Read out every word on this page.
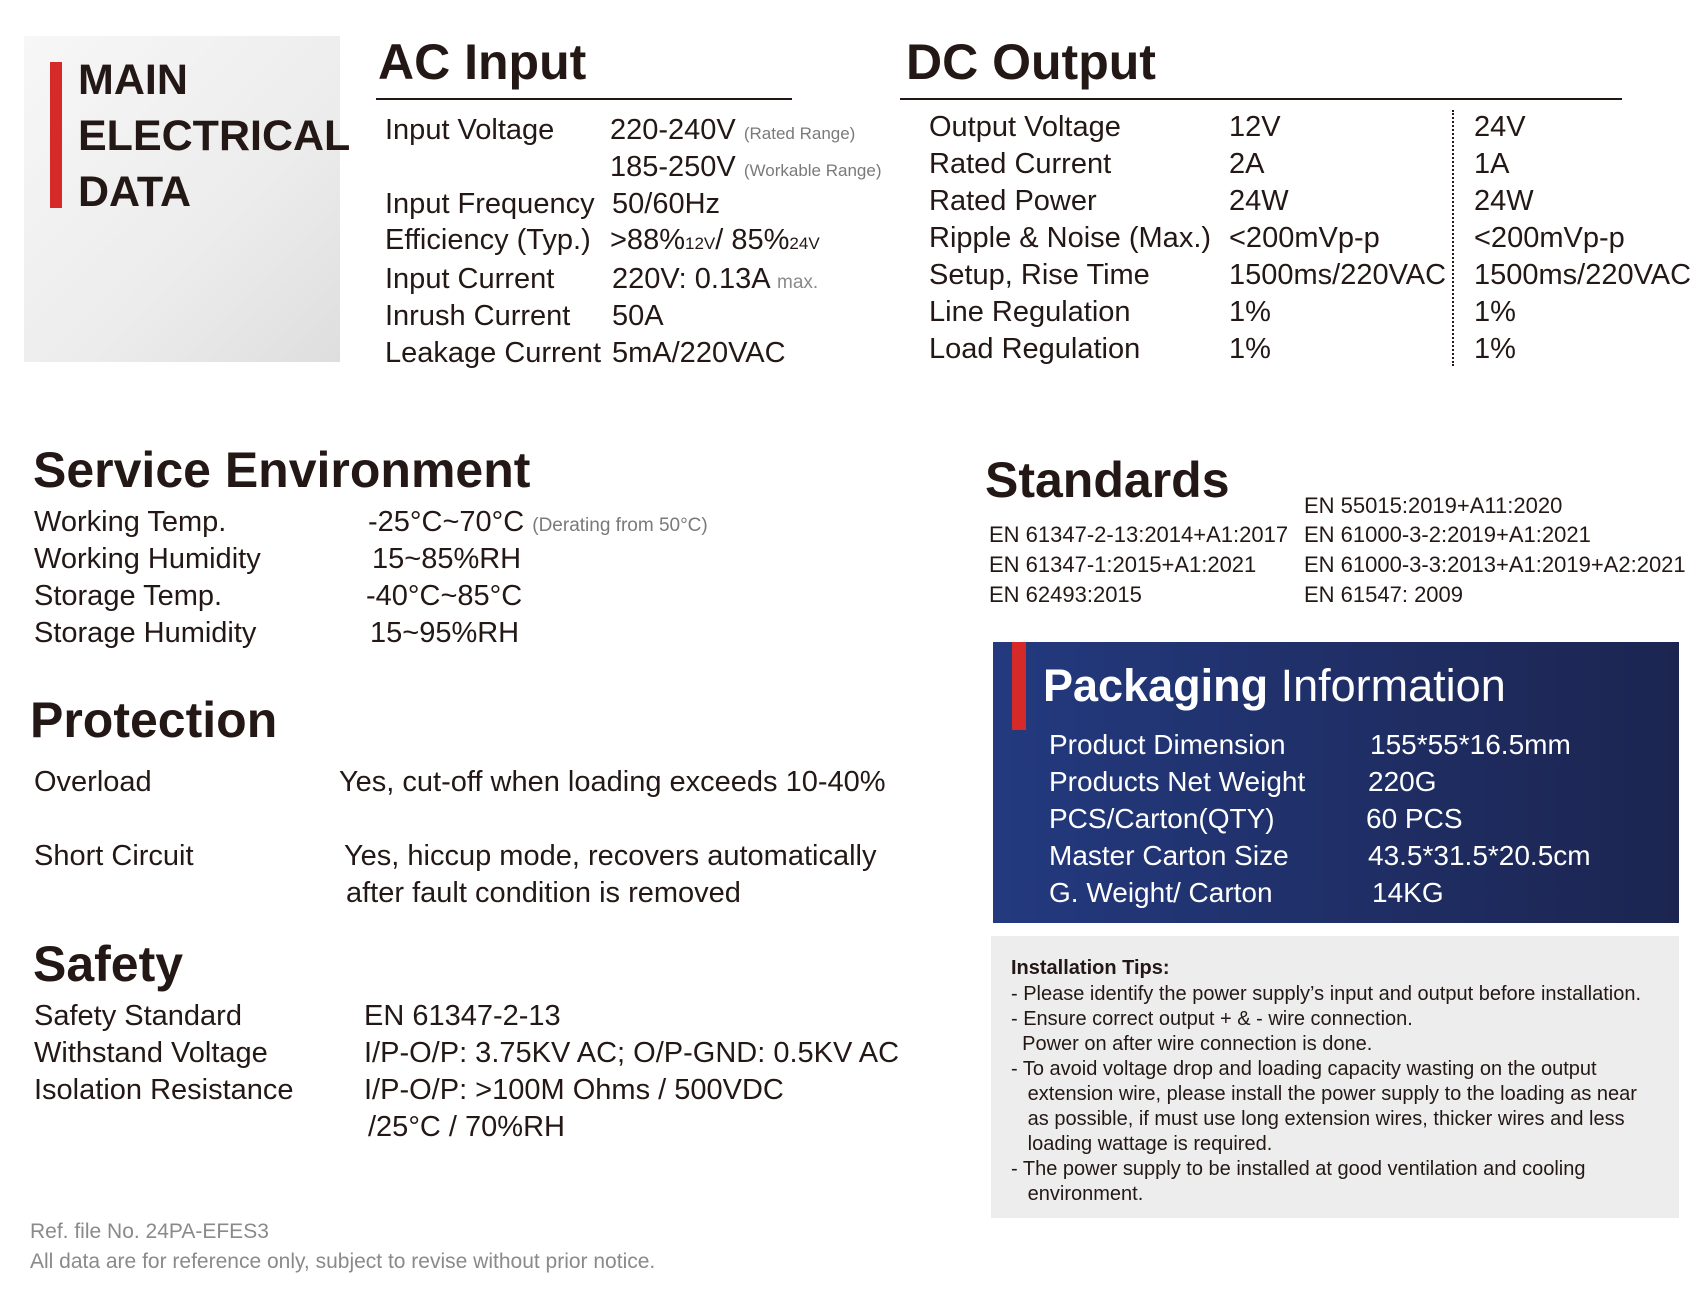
MAIN
ELECTRICAL
DATA
AC Input
Input Voltage 220-240V (Rated Range)
185-250V (Workable Range)
Input Frequency 50/60Hz
Efficiency (Typ.) >88%12V/ 85%24V
Input Current 220V: 0.13A max.
Inrush Current 50A
Leakage Current 5mA/220VAC
DC Output
Output Voltage	12V	24V
Rated Current	2A	1A
Rated Power	24W	24W
Ripple & Noise (Max.) <200mVp-p	<200mVp-p
Setup, Rise Time	1500ms/220VAC 1500ms/220VAC
Line Regulation	1%	1%
Load Regulation	1%	1%
Service Environment
Working Temp.	-25°C~70°C (Derating from 50°C)
Working Humidity	15~85%RH
Storage Temp.	-40°C~85°C
Storage Humidity	15~95%RH
Protection
Overload	Yes, cut-off when loading exceeds 10-40%
Short Circuit	Yes, hiccup mode, recovers automatically
after fault condition is removed
Safety
Safety Standard	EN 61347-2-13
Withstand Voltage	I/P-O/P: 3.75KV AC; O/P-GND: 0.5KV AC
Isolation Resistance I/P-O/P: >100M Ohms / 500VDC
/25°C / 70%RH
Standards
EN 61347-2-13:2014+A1:2017
EN 61347-1:2015+A1:2021
EN 62493:2015
EN 55015:2019+A11:2020
EN 61000-3-2:2019+A1:2021
EN 61000-3-3:2013+A1:2019+A2:2021
EN 61547: 2009
Packaging Information
Product Dimension	155*55*16.5mm
Products Net Weight 220G
PCS/Carton(QTY)	60 PCS
Master Carton Size	43.5*31.5*20.5cm
G. Weight/ Carton	14KG
Installation Tips:
- Please identify the power supply’s input and output before installation.
- Ensure correct output + & - wire connection.
Power on after wire connection is done.
- To avoid voltage drop and loading capacity wasting on the output
extension wire, please install the power supply to the loading as near
as possible, if must use long extension wires, thicker wires and less
loading wattage is required.
- The power supply to be installed at good ventilation and cooling
environment.
Ref. file No. 24PA-EFES3
All data are for reference only, subject to revise without prior notice.
